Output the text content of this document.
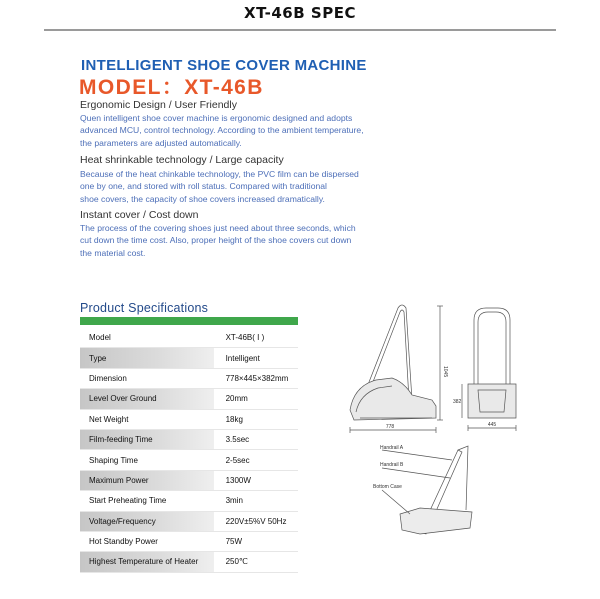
XT-46B SPEC
INTELLIGENT SHOE COVER MACHINE
MODEL：XT-46B
Ergonomic Design / User Friendly
Quen intelligent shoe cover machine is ergonomic designed and adopts
advanced MCU, control technology. According to the ambient temperature,
the parameters are adjusted automatically.
Heat shrinkable technology / Large capacity
Because of the heat chinkable technology, the PVC film can be dispersed
one by one, and stored with roll status. Compared with traditional
shoe covers, the capacity of shoe covers increased dramatically.
Instant cover / Cost down
The process of the covering shoes just need about three seconds, which
cut down the time cost. Also, proper height of the shoe covers cut down
the material cost.
Product Specifications
Model	XT-46B( I )
Type	Intelligent
Dimension	778×445×382mm
Level Over Ground	20mm
Net Weight	18kg
Film-feeding Time	3.5sec
Shaping Time	2-5sec
Maximum Power	1300W
Start Preheating Time	3min
Voltage/Frequency	220V±5%V 50Hz
Hot Standby Power	75W
Highest Temperature of Heater	250℃
778
1045
445
382
Handrail A
Handrail B
Bottom Case
